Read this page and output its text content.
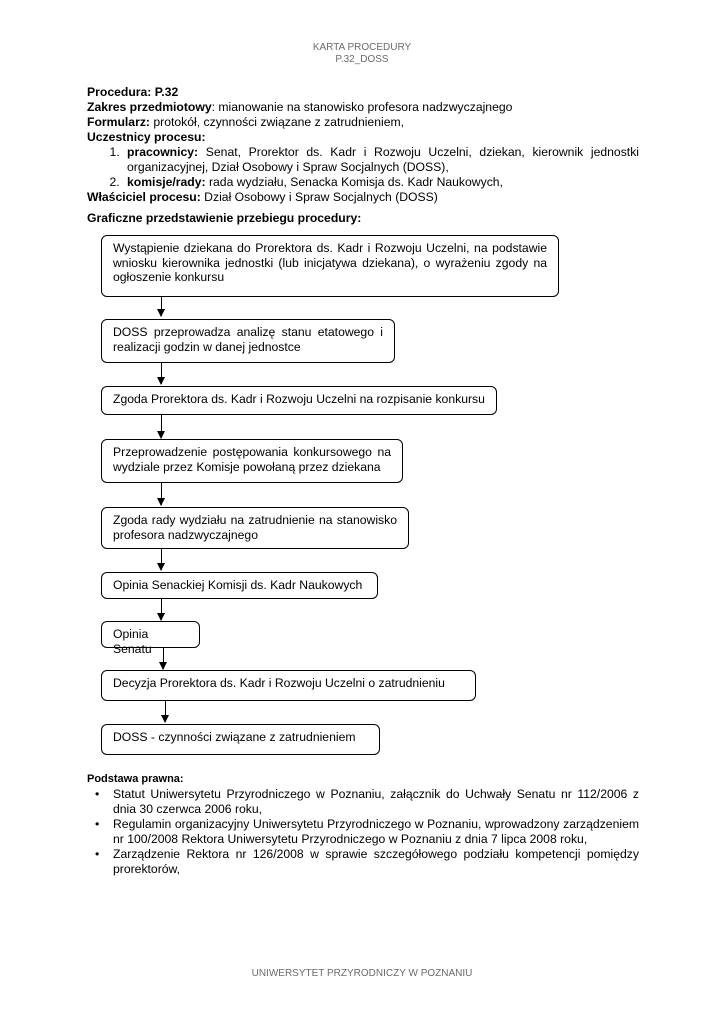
KARTA PROCEDURY
P.32_DOSS

Procedura: P.32

Zakres przedmiotowy: mianowanie na stanowisko profesora nadzwyczajnego

Formularz: protokół, czynności związane z zatrudnieniem,

Uczestnicy procesu:

1. pracownicy: Senat, Prorektor ds. Kadr i Rozwoju Uczelni, dziekan, kierownik jednostki organizacyjnej, Dział Osobowy i Spraw Socjalnych (DOSS),
2. komisje/rady: rada wydziału, Senacka Komisja ds. Kadr Naukowych,

Właściciel procesu: Dział Osobowy i Spraw Socjalnych (DOSS)

Graficzne przedstawienie przebiegu procedury:
Wystąpienie dziekana do Prorektora ds. Kadr i Rozwoju Uczelni, na podstawie wniosku kierownika jednostki (lub inicjatywa dziekana), o wyrażeniu zgody na ogłoszenie konkursu
DOSS przeprowadza analizę stanu etatowego i realizacji godzin w danej jednostce
Zgoda Prorektora ds. Kadr i Rozwoju Uczelni na rozpisanie konkursu
Przeprowadzenie postępowania konkursowego na wydziale przez Komisje powołaną przez dziekana
Zgoda rady wydziału na zatrudnienie na stanowisko profesora nadzwyczajnego
Opinia Senackiej Komisji ds. Kadr Naukowych
Opinia Senatu
Decyzja Prorektora ds. Kadr i Rozwoju Uczelni o zatrudnieniu
DOSS - czynności związane z zatrudnieniem
Podstawa prawna:
• Statut Uniwersytetu Przyrodniczego w Poznaniu, załącznik do Uchwały Senatu nr 112/2006 z dnia 30 czerwca 2006 roku,
• Regulamin organizacyjny Uniwersytetu Przyrodniczego w Poznaniu, wprowadzony zarządzeniem nr 100/2008 Rektora Uniwersytetu Przyrodniczego w Poznaniu z dnia 7 lipca 2008 roku,
• Zarządzenie Rektora nr 126/2008 w sprawie szczegółowego podziału kompetencji pomiędzy prorektorów,
UNIWERSYTET PRZYRODNICZY W POZNANIU
